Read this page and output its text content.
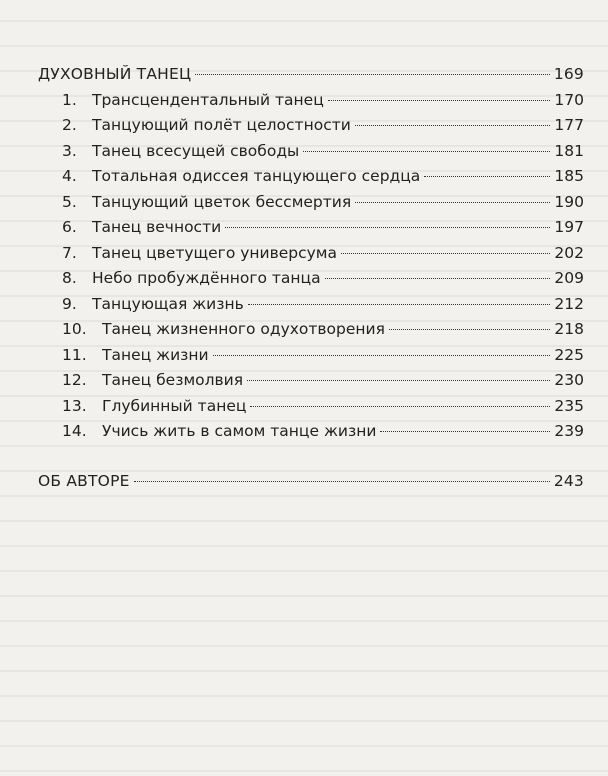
ДУХОВНЫЙ ТАНЕЦ	169
1. Трансцендентальный танец	170
2. Танцующий полёт целостности	177
3. Танец всесущей свободы	181
4. Тотальная одиссея танцующего сердца	185
5. Танцующий цветок бессмертия	190
6. Танец вечности	197
7. Танец цветущего универсума	202
8. Небо пробуждённого танца	209
9. Танцующая жизнь	212
10. Танец жизненного одухотворения	218
11. Танец жизни	225
12. Танец безмолвия	230
13. Глубинный танец	235
14. Учись жить в самом танце жизни	239
ОБ АВТОРЕ	243
